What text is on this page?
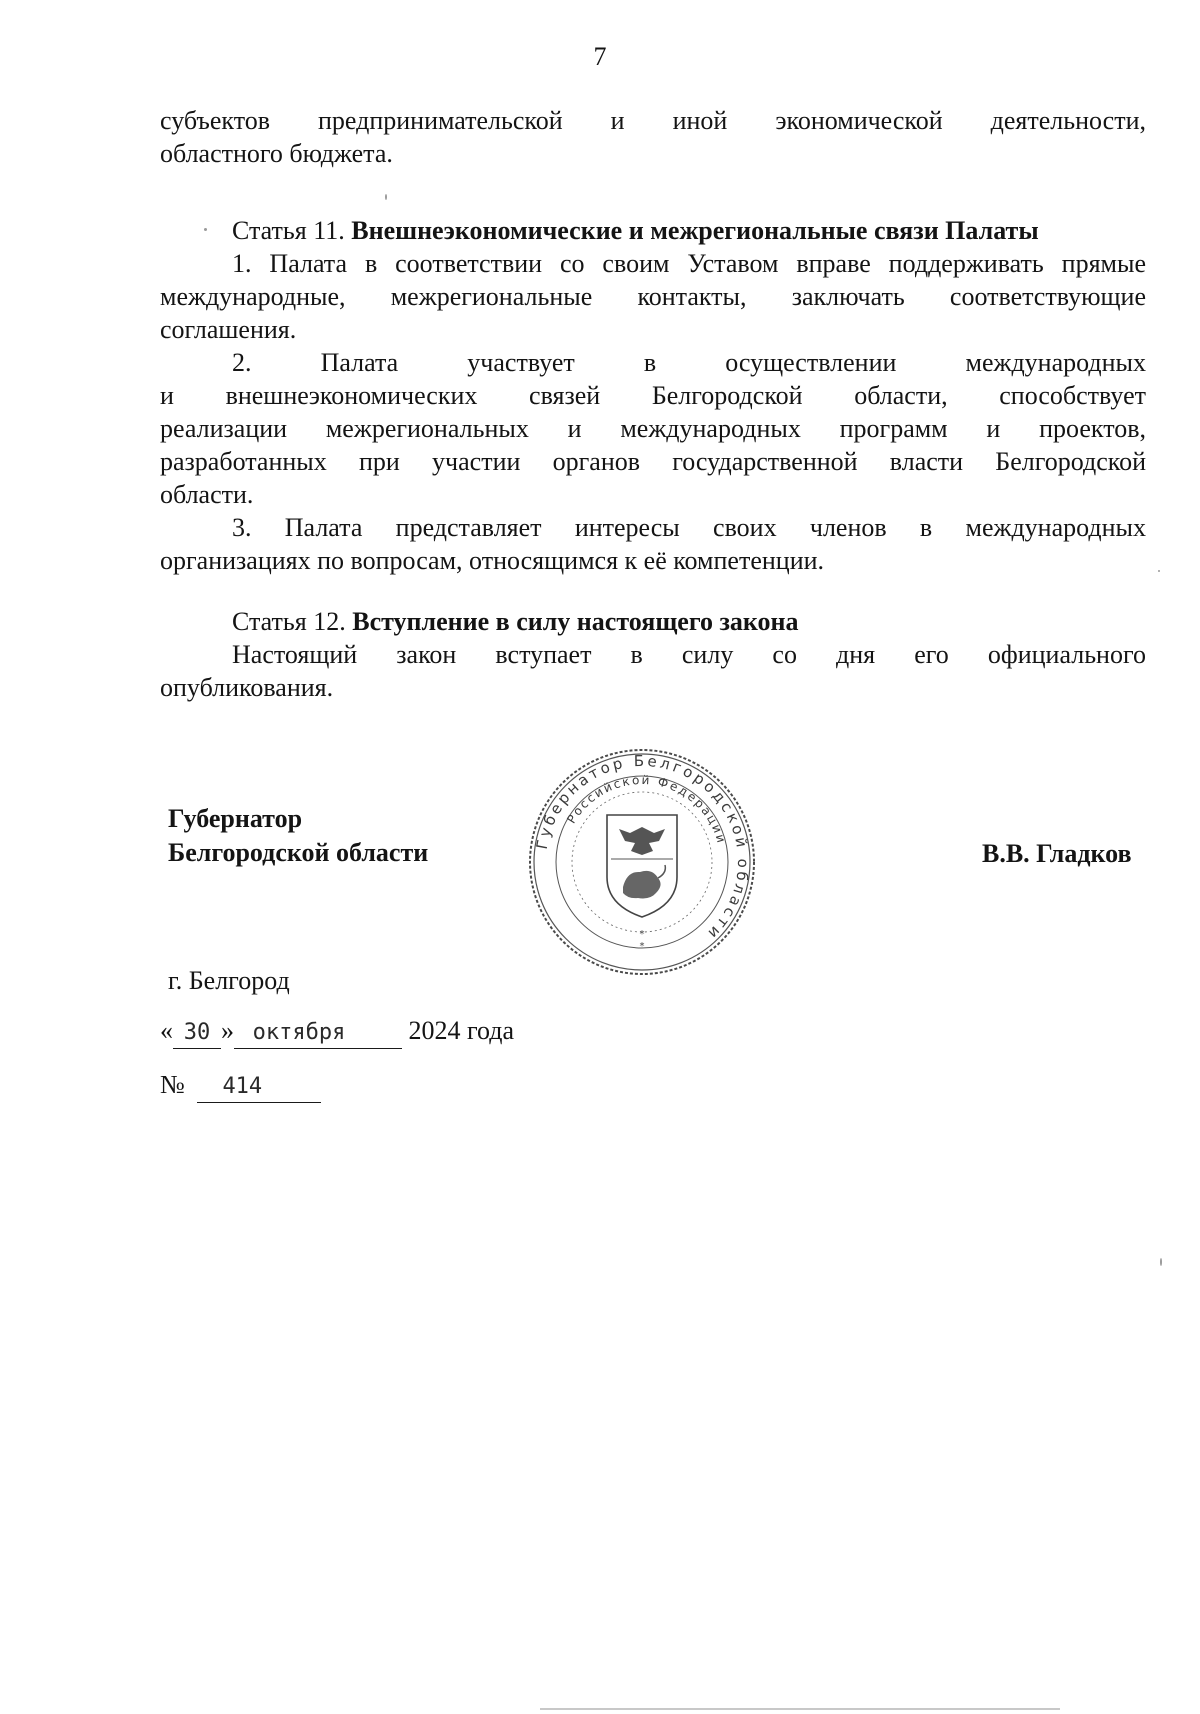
7
субъектов предпринимательской и иной экономической деятельности,
областного бюджета.
Статья 11. Внешнеэкономические и межрегиональные связи Палаты
1. Палата в соответствии со своим Уставом вправе поддерживать прямые
международные, межрегиональные контакты, заключать соответствующие
соглашения.
2. Палата участвует в осуществлении международных
и внешнеэкономических связей Белгородской области, способствует
реализации межрегиональных и международных программ и проектов,
разработанных при участии органов государственной власти Белгородской
области.
3. Палата представляет интересы своих членов в международных
организациях по вопросам, относящимся к её компетенции.
Статья 12. Вступление в силу настоящего закона
Настоящий закон вступает в силу со дня его официального
опубликования.
Губернатор
Белгородской области	В.В. Гладков
Губернатор Белгородской области
Российской Федерации
*
*
г. Белгород
« 30 » октября 2024 года
№ 414
